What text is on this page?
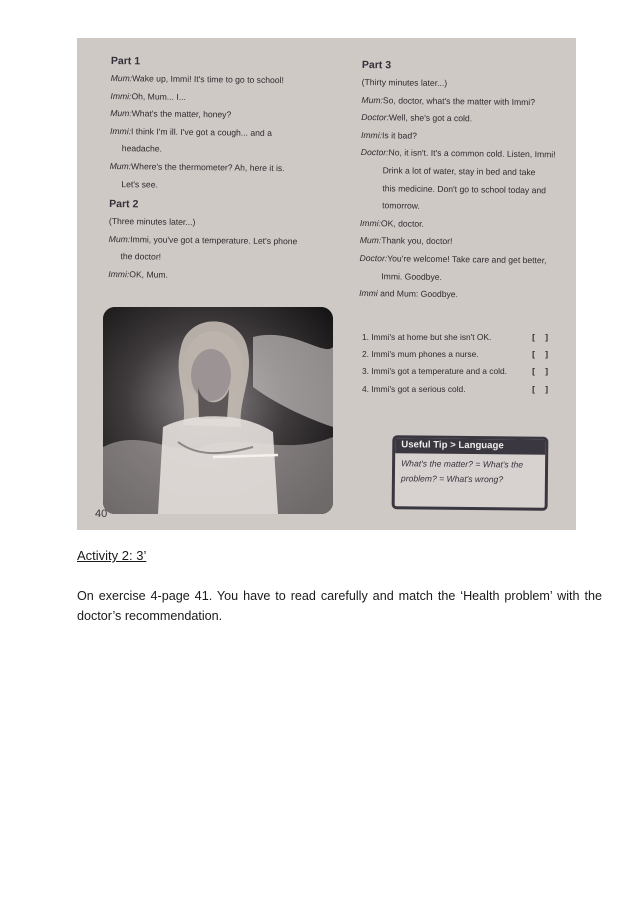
Part 1
Mum:Wake up, Immi! It's time to go to school!
Immi:Oh, Mum... I...
Mum:What's the matter, honey?
Immi:I think I'm ill. I've got a cough... and a
headache.
Mum:Where's the thermometer? Ah, here it is.
Let's see.
Part 2
(Three minutes later...)
Mum:Immi, you've got a temperature. Let's phone
the doctor!
Immi:OK, Mum.
Part 3
(Thirty minutes later...)
Mum:So, doctor, what's the matter with Immi?
Doctor:Well, she's got a cold.
Immi:Is it bad?
Doctor:No, it isn't. It's a common cold. Listen, Immi!
Drink a lot of water, stay in bed and take
this medicine. Don't go to school today and
tomorrow.
Immi:OK, doctor.
Mum:Thank you, doctor!
Doctor:You're welcome! Take care and get better,
Immi. Goodbye.
Immi and Mum: Goodbye.
1. Immi's at home but she isn't OK.	[ ]
2. Immi's mum phones a nurse.	[ ]
3. Immi's got a temperature and a cold.	[ ]
4. Immi's got a serious cold.	[ ]
Useful Tip > Language
What's the matter? = What's the
problem? = What's wrong?
40
Activity 2: 3’

On exercise 4-page 41. You have to read carefully and match the ‘Health problem’ with the doctor’s recommendation.
